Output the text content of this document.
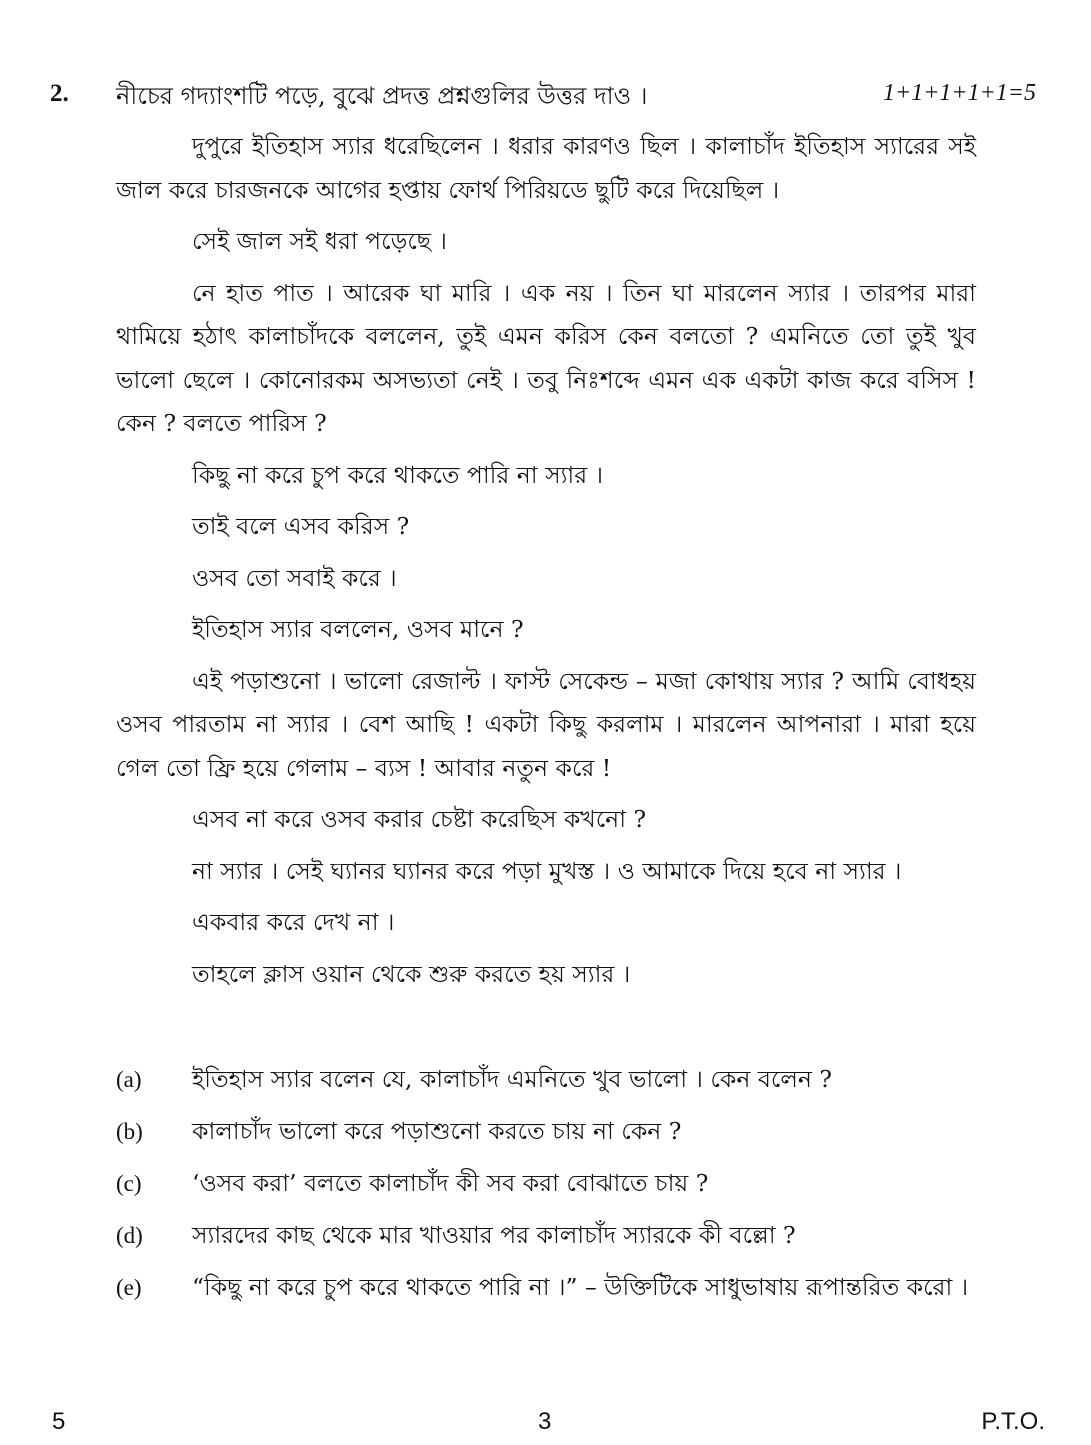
2. নীচের গদ্যাংশটি পড়ে, বুঝে প্রদত্ত প্রশ্নগুলির উত্তর দাও ।	1+1+1+1+1=5

দুপুরে ইতিহাস স্যার ধরেছিলেন । ধরার কারণও ছিল । কালাচাঁদ ইতিহাস স্যারের সই জাল করে চারজনকে আগের হপ্তায় ফোর্থ পিরিয়ডে ছুটি করে দিয়েছিল ।

সেই জাল সই ধরা পড়েছে ।

নে হাত পাত । আরেক ঘা মারি । এক নয় । তিন ঘা মারলেন স্যার । তারপর মারা থামিয়ে হঠাৎ কালাচাঁদকে বললেন, তুই এমন করিস কেন বলতো ? এমনিতে তো তুই খুব ভালো ছেলে । কোনোরকম অসভ্যতা নেই । তবু নিঃশব্দে এমন এক একটা কাজ করে বসিস ! কেন ? বলতে পারিস ?

কিছু না করে চুপ করে থাকতে পারি না স্যার ।

তাই বলে এসব করিস ?

ওসব তো সবাই করে ।

ইতিহাস স্যার বললেন, ওসব মানে ?

এই পড়াশুনো । ভালো রেজাল্ট । ফাস্ট সেকেন্ড – মজা কোথায় স্যার ? আমি বোধহয় ওসব পারতাম না স্যার । বেশ আছি ! একটা কিছু করলাম । মারলেন আপনারা । মারা হয়ে গেল তো ফ্রি হয়ে গেলাম – ব্যস ! আবার নতুন করে !

এসব না করে ওসব করার চেষ্টা করেছিস কখনো ?

না স্যার । সেই ঘ্যানর ঘ্যানর করে পড়া মুখস্ত । ও আমাকে দিয়ে হবে না স্যার ।

একবার করে দেখ না ।

তাহলে ক্লাস ওয়ান থেকে শুরু করতে হয় স্যার ।

(a) ইতিহাস স্যার বলেন যে, কালাচাঁদ এমনিতে খুব ভালো । কেন বলেন ?
(b) কালাচাঁদ ভালো করে পড়াশুনো করতে চায় না কেন ?
(c) ‘ওসব করা’ বলতে কালাচাঁদ কী সব করা বোঝাতে চায় ?
(d) স্যারদের কাছ থেকে মার খাওয়ার পর কালাচাঁদ স্যারকে কী বল্লো ?
(e) “কিছু না করে চুপ করে থাকতে পারি না ।” – উক্তিটিকে সাধুভাষায় রূপান্তরিত করো ।
5	3	P.T.O.
